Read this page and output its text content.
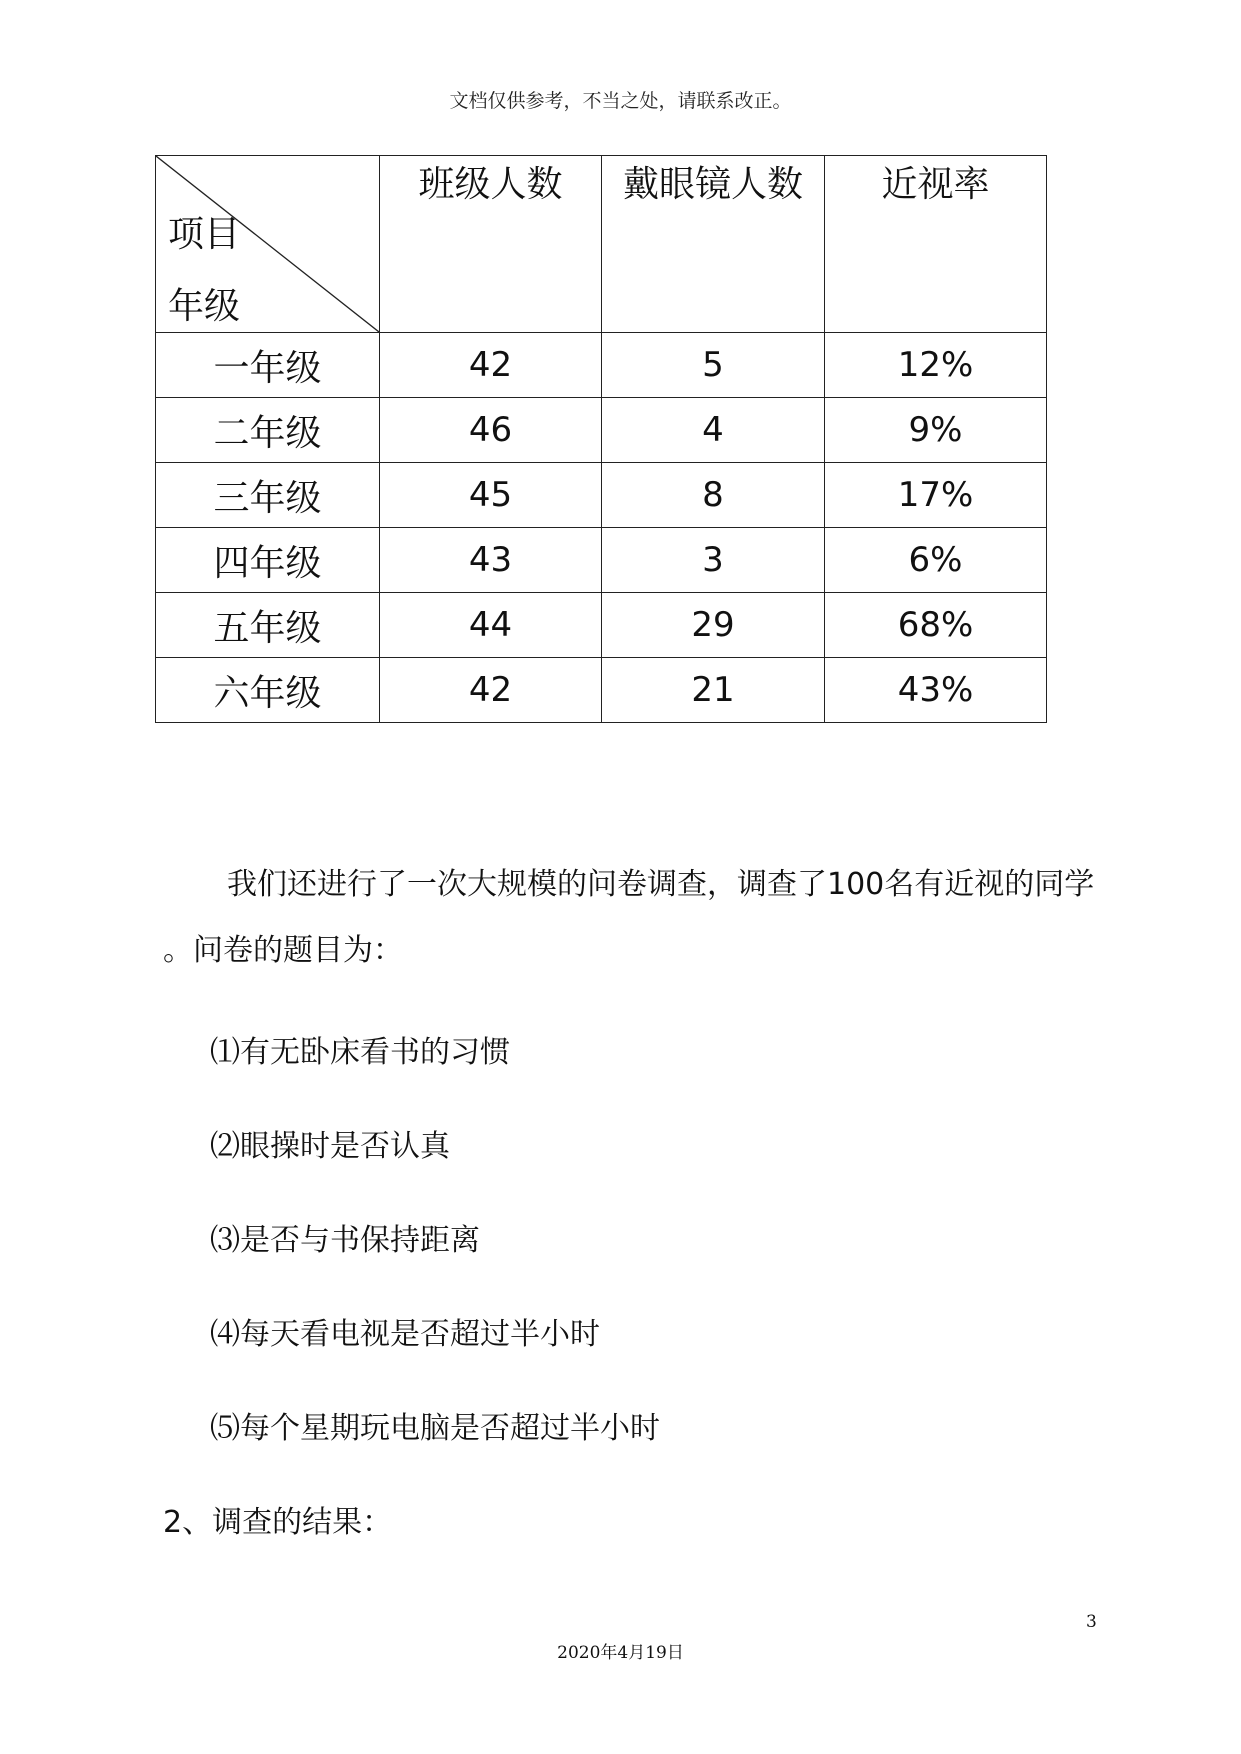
文档仅供参考，不当之处，请联系改正。
项目
年级	班级人数	戴眼镜人数	近视率
一年级	42	5	12%
二年级	46	4	9%
三年级	45	8	17%
四年级	43	3	6%
五年级	44	29	68%
六年级	42	21	43%
我们还进行了一次大规模的问卷调查，调查了100名有近视的同学
。问卷的题目为：
⑴有无卧床看书的习惯
⑵眼操时是否认真
⑶是否与书保持距离
⑷每天看电视是否超过半小时
⑸每个星期玩电脑是否超过半小时
2、调查的结果：
3
2020年4月19日
